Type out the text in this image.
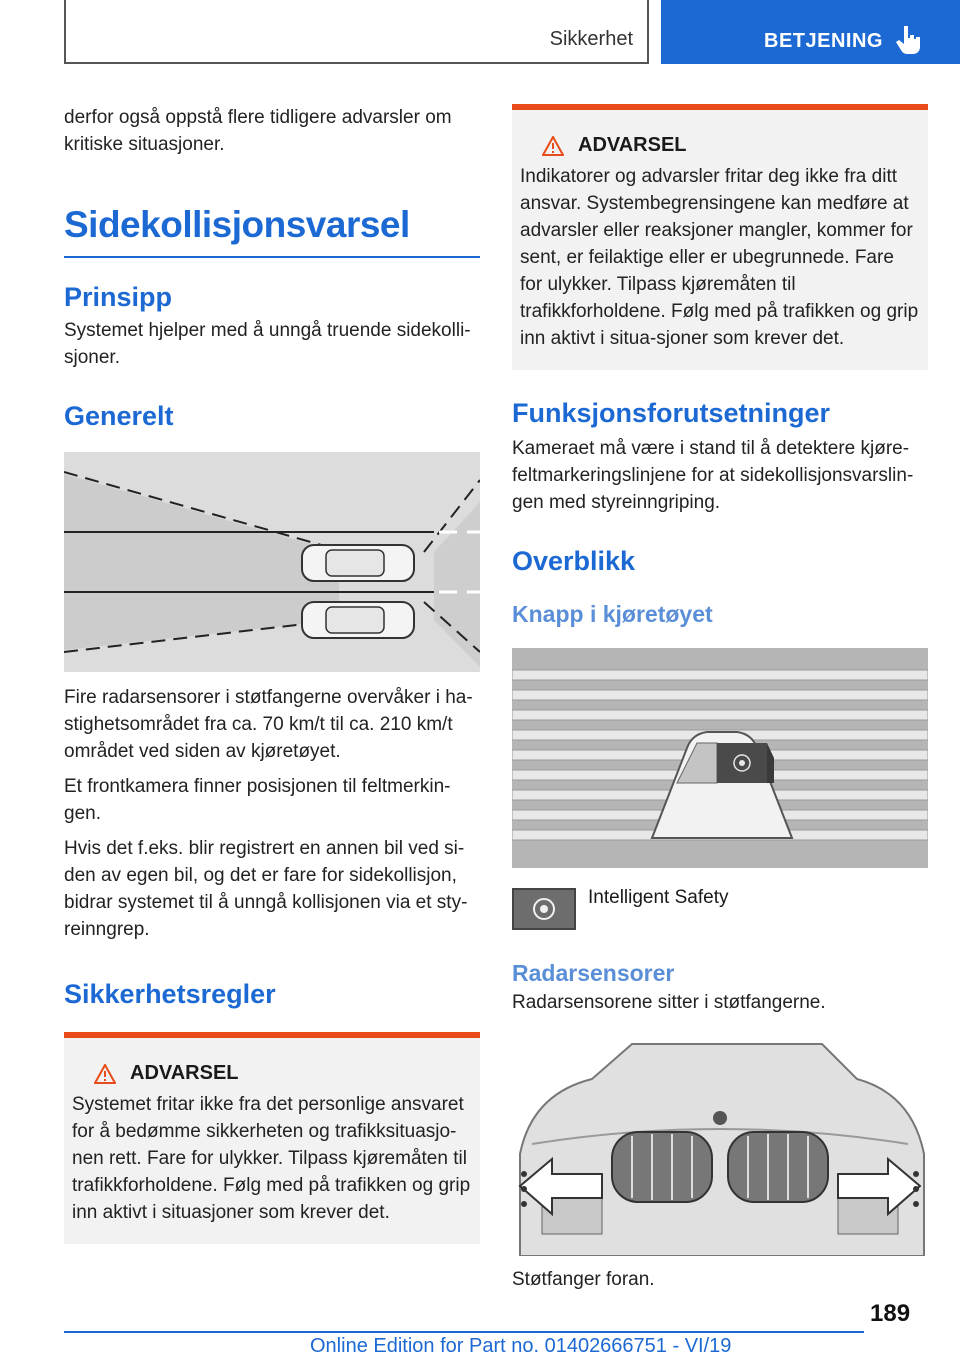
Sikkerhet	BETJENING

derfor også oppstå flere tidligere advarsler om kritiske situasjoner.

Sidekollisjonsvarsel
Prinsipp

Systemet hjelper med å unngå truende sidekolli-sjoner.

Generelt

Fire radarsensorer i støtfangerne overvåker i ha-stighetsområdet fra ca. 70 km/t til ca. 210 km/t området ved siden av kjøretøyet.

Et frontkamera finner posisjonen til feltmerkin-gen.

Hvis det f.eks. blir registrert en annen bil ved si-den av egen bil, og det er fare for sidekollisjon, bidrar systemet til å unngå kollisjonen via et sty-reinngrep.

Sikkerhetsregler
ADVARSEL

Systemet fritar ikke fra det personlige ansvaret for å bedømme sikkerheten og trafikksituasjo-nen rett. Fare for ulykker. Tilpass kjøremåten til trafikkforholdene. Følg med på trafikken og grip inn aktivt i situasjoner som krever det.

ADVARSEL

Indikatorer og advarsler fritar deg ikke fra ditt ansvar. Systembegrensingene kan medføre at advarsler eller reaksjoner mangler, kommer for sent, er feilaktige eller er ubegrunnede. Fare for ulykker. Tilpass kjøremåten til trafikkforholdene. Følg med på trafikken og grip inn aktivt i situa-sjoner som krever det.

Funksjonsforutsetninger

Kameraet må være i stand til å detektere kjøre-feltmarkeringslinjene for at sidekollisjonsvarslin-gen med styreinngriping.

Overblikk
Knapp i kjøretøyet
Intelligent Safety
Radarsensorer

Radarsensorene sitter i støtfangerne.

Støtfanger foran.

189
Online Edition for Part no. 01402666751 - VI/19
